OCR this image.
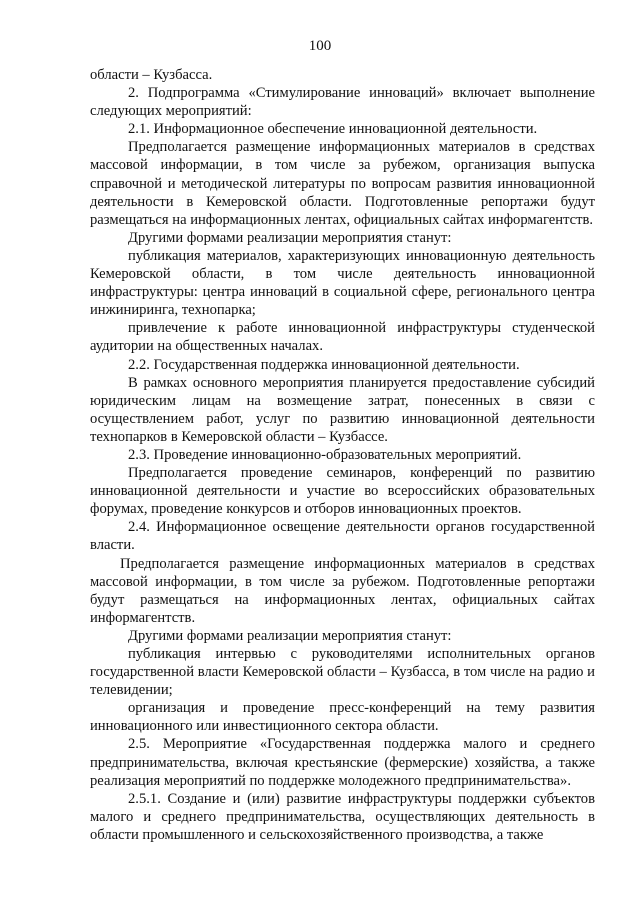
100

области – Кузбасса.

2. Подпрограмма «Стимулирование инноваций» включает выполнение следующих мероприятий:

2.1. Информационное обеспечение инновационной деятельности.

Предполагается размещение информационных материалов в средствах массовой информации, в том числе за рубежом, организация выпуска справочной и методической литературы по вопросам развития инновационной деятельности в Кемеровской области. Подготовленные репортажи будут размещаться на информационных лентах, официальных сайтах информагентств.

Другими формами реализации мероприятия станут:

публикация материалов, характеризующих инновационную деятельность Кемеровской области, в том числе деятельность инновационной инфраструктуры: центра инноваций в социальной сфере, регионального центра инжиниринга, технопарка;

привлечение к работе инновационной инфраструктуры студенческой аудитории на общественных началах.

2.2. Государственная поддержка инновационной деятельности.

В рамках основного мероприятия планируется предоставление субсидий юридическим лицам на возмещение затрат, понесенных в связи с осуществлением работ, услуг по развитию инновационной деятельности технопарков в Кемеровской области – Кузбассе.

2.3. Проведение инновационно-образовательных мероприятий.

Предполагается проведение семинаров, конференций по развитию инновационной деятельности и участие во всероссийских образовательных форумах, проведение конкурсов и отборов инновационных проектов.

2.4. Информационное освещение деятельности органов государственной власти.

Предполагается размещение информационных материалов в средствах массовой информации, в том числе за рубежом. Подготовленные репортажи будут размещаться на информационных лентах, официальных сайтах информагентств.

Другими формами реализации мероприятия станут:

публикация интервью с руководителями исполнительных органов государственной власти Кемеровской области – Кузбасса, в том числе на радио и телевидении;

организация и проведение пресс-конференций на тему развития инновационного или инвестиционного сектора области.

2.5. Мероприятие «Государственная поддержка малого и среднего предпринимательства, включая крестьянские (фермерские) хозяйства, а также реализация мероприятий по поддержке молодежного предпринимательства».

2.5.1. Создание и (или) развитие инфраструктуры поддержки субъектов малого и среднего предпринимательства, осуществляющих деятельность в области промышленного и сельскохозяйственного производства, а также
